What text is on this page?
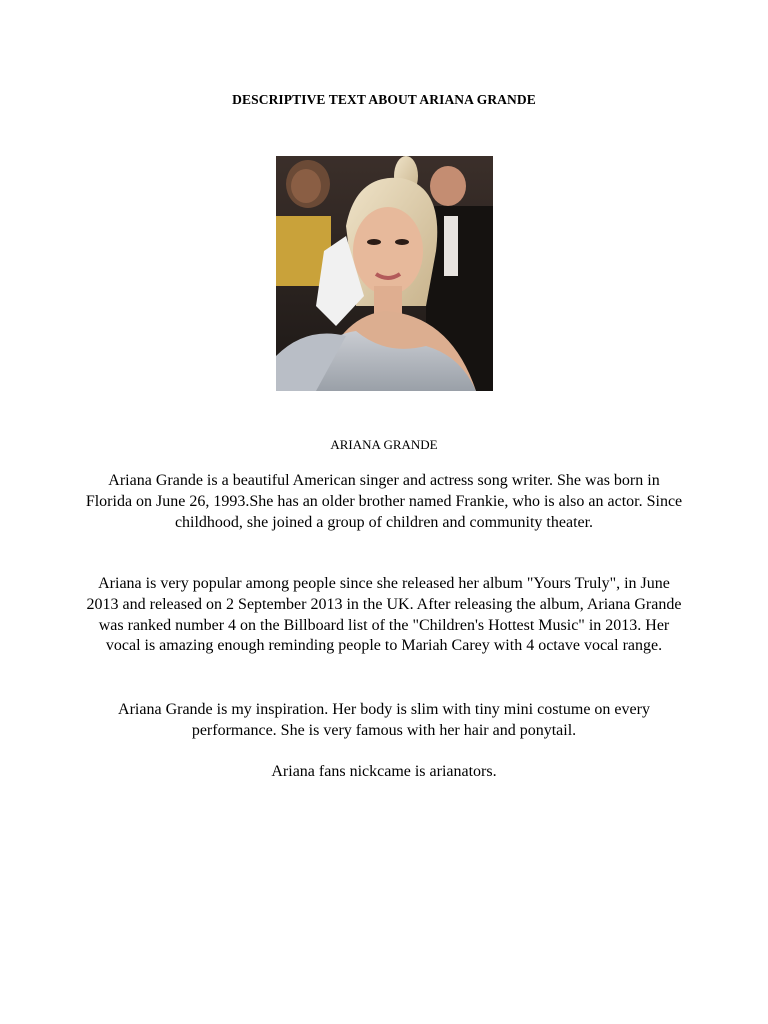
DESCRIPTIVE TEXT ABOUT ARIANA GRANDE
ARIANA GRANDE

Ariana Grande is a beautiful American singer and actress song writer. She was born in Florida on June 26, 1993.She has an older brother named Frankie, who is also an actor. Since childhood, she joined a group of children and community theater.

Ariana is very popular among people since she released her album "Yours Truly", in June 2013 and released on 2 September 2013 in the UK. After releasing the album, Ariana Grande was ranked number 4 on the Billboard list of the "Children's Hottest Music" in 2013. Her vocal is amazing enough reminding people to Mariah Carey with 4 octave vocal range.

Ariana Grande is my inspiration. Her body is slim with tiny mini costume on every performance. She is very famous with her hair and ponytail.

Ariana fans nickcame is arianators.
